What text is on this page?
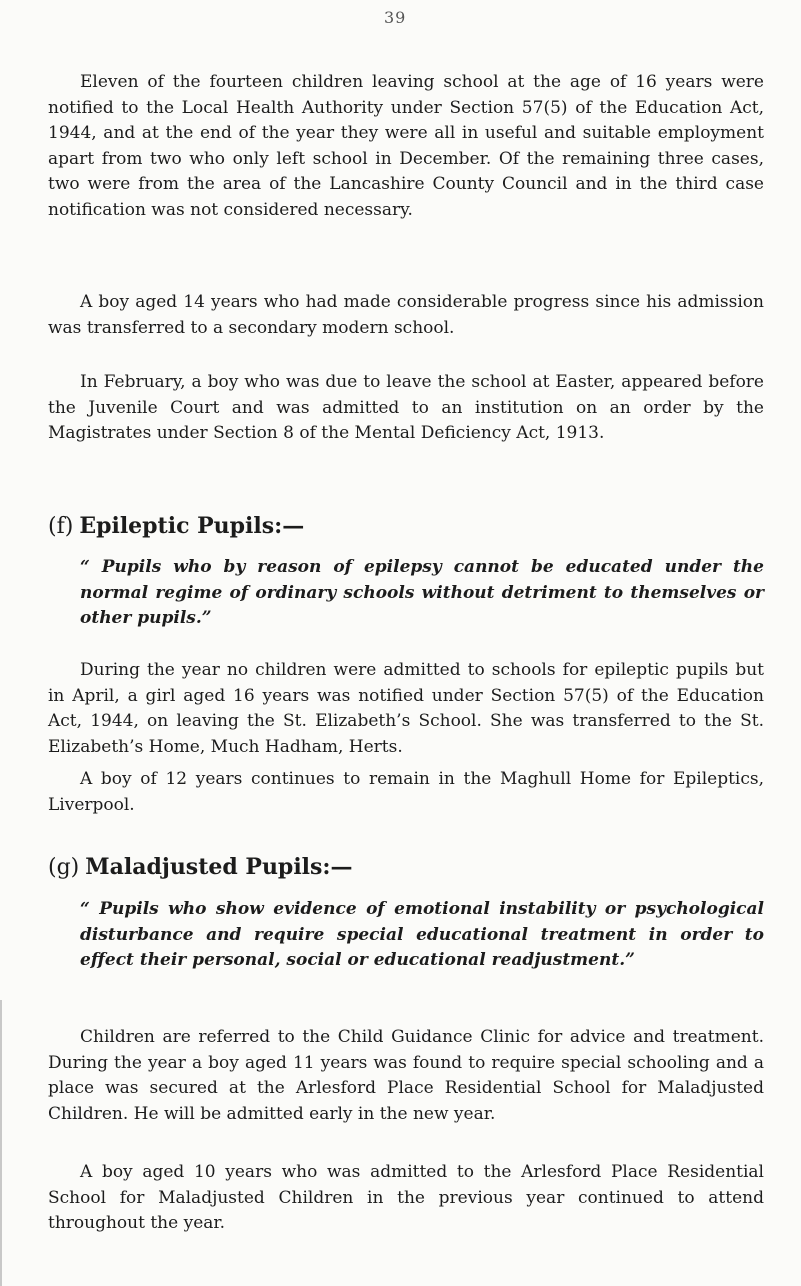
39

Eleven of the fourteen children leaving school at the age of 16 years were notified to the Local Health Authority under Section 57(5) of the Education Act, 1944, and at the end of the year they were all in useful and suitable employment apart from two who only left school in December. Of the remaining three cases, two were from the area of the Lancashire County Council and in the third case notification was not considered necessary.

A boy aged 14 years who had made considerable progress since his admission was transferred to a secondary modern school.

In February, a boy who was due to leave the school at Easter, appeared before the Juvenile Court and was admitted to an institution on an order by the Magistrates under Section 8 of the Mental Deficiency Act, 1913.

(f) Epileptic Pupils:—
“ Pupils who by reason of epilepsy cannot be educated under the normal regime of ordinary schools without detriment to themselves or other pupils.”

During the year no children were admitted to schools for epileptic pupils but in April, a girl aged 16 years was notified under Section 57(5) of the Education Act, 1944, on leaving the St. Elizabeth’s School. She was transferred to the St. Elizabeth’s Home, Much Hadham, Herts.

A boy of 12 years continues to remain in the Maghull Home for Epileptics, Liverpool.

(g) Maladjusted Pupils:—
“ Pupils who show evidence of emotional instability or psychological disturbance and require special educational treatment in order to effect their personal, social or educational readjustment.”

Children are referred to the Child Guidance Clinic for advice and treatment. During the year a boy aged 11 years was found to require special schooling and a place was secured at the Arlesford Place Residential School for Maladjusted Children. He will be admitted early in the new year.

A boy aged 10 years who was admitted to the Arlesford Place Residential School for Maladjusted Children in the previous year continued to attend throughout the year.
